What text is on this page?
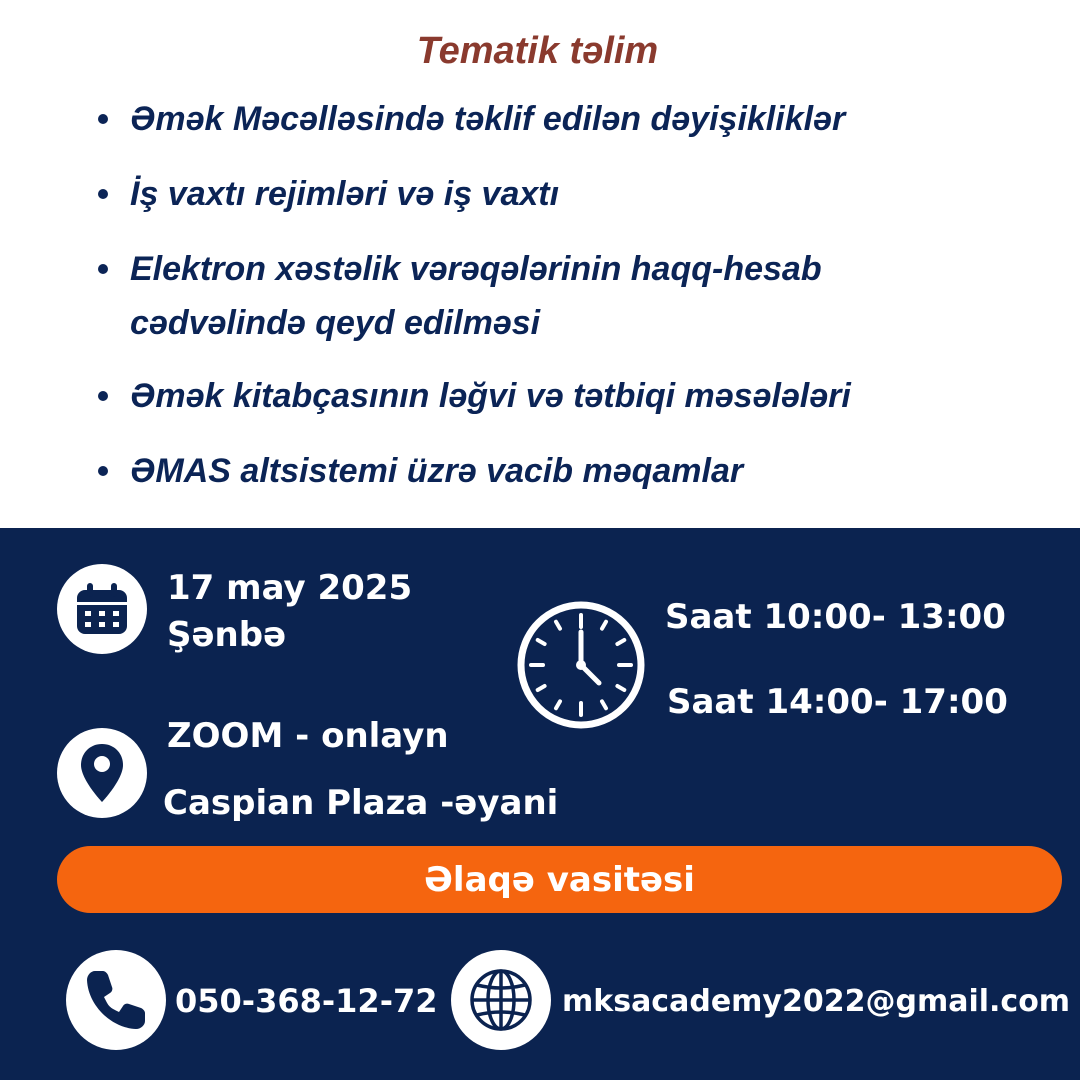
Tematik təlim
Əmək Məcəlləsində təklif edilən dəyişikliklər
İş vaxtı rejimləri və iş vaxtı
Elektron xəstəlik vərəqələrinin haqq-hesab
cədvəlində qeyd edilməsi
Əmək kitabçasının ləğvi və tətbiqi məsələləri
ƏMAS altsistemi üzrə vacib məqamlar
17 may 2025
Şənbə	Saat 10:00- 13:00
Saat 14:00- 17:00
ZOOM - onlayn
Caspian Plaza -əyani
Əlaqə vasitəsi
050-368-12-72	mksacademy2022@gmail.com
